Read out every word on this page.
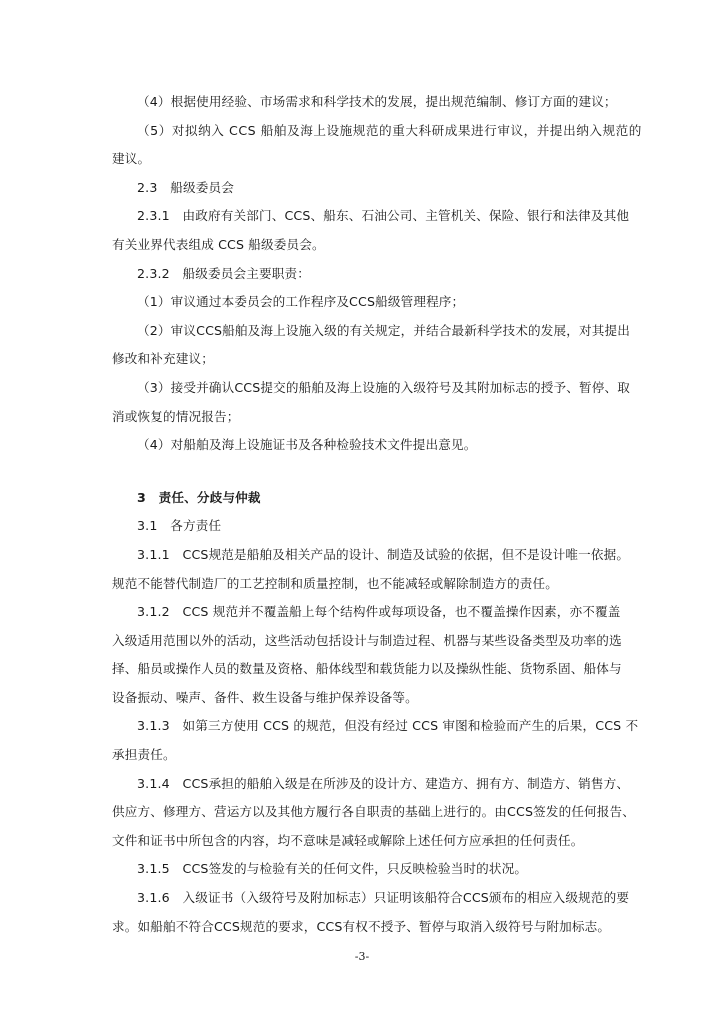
（4）根据使用经验、市场需求和科学技术的发展，提出规范编制、修订方面的建议；
（5）对拟纳入 CCS 船舶及海上设施规范的重大科研成果进行审议，并提出纳入规范的
建议。
2.3　船级委员会
2.3.1　由政府有关部门、CCS、船东、石油公司、主管机关、保险、银行和法律及其他
有关业界代表组成 CCS 船级委员会。
2.3.2　船级委员会主要职责：
（1）审议通过本委员会的工作程序及CCS船级管理程序；
（2）审议CCS船舶及海上设施入级的有关规定，并结合最新科学技术的发展，对其提出
修改和补充建议；
（3）接受并确认CCS提交的船舶及海上设施的入级符号及其附加标志的授予、暂停、取
消或恢复的情况报告；
（4）对船舶及海上设施证书及各种检验技术文件提出意见。
3　责任、分歧与仲裁
3.1　各方责任
3.1.1　CCS规范是船舶及相关产品的设计、制造及试验的依据，但不是设计唯一依据。
规范不能替代制造厂的工艺控制和质量控制，也不能减轻或解除制造方的责任。
3.1.2　CCS 规范并不覆盖船上每个结构件或每项设备，也不覆盖操作因素，亦不覆盖
入级适用范围以外的活动，这些活动包括设计与制造过程、机器与某些设备类型及功率的选
择、船员或操作人员的数量及资格、船体线型和载货能力以及操纵性能、货物系固、船体与
设备振动、噪声、备件、救生设备与维护保养设备等。
3.1.3　如第三方使用 CCS 的规范，但没有经过 CCS 审图和检验而产生的后果，CCS 不
承担责任。
3.1.4　CCS承担的船舶入级是在所涉及的设计方、建造方、拥有方、制造方、销售方、
供应方、修理方、营运方以及其他方履行各自职责的基础上进行的。由CCS签发的任何报告、
文件和证书中所包含的内容，均不意味是减轻或解除上述任何方应承担的任何责任。
3.1.5　CCS签发的与检验有关的任何文件，只反映检验当时的状况。
3.1.6　入级证书（入级符号及附加标志）只证明该船符合CCS颁布的相应入级规范的要
求。如船舶不符合CCS规范的要求，CCS有权不授予、暂停与取消入级符号与附加标志。
-3-
